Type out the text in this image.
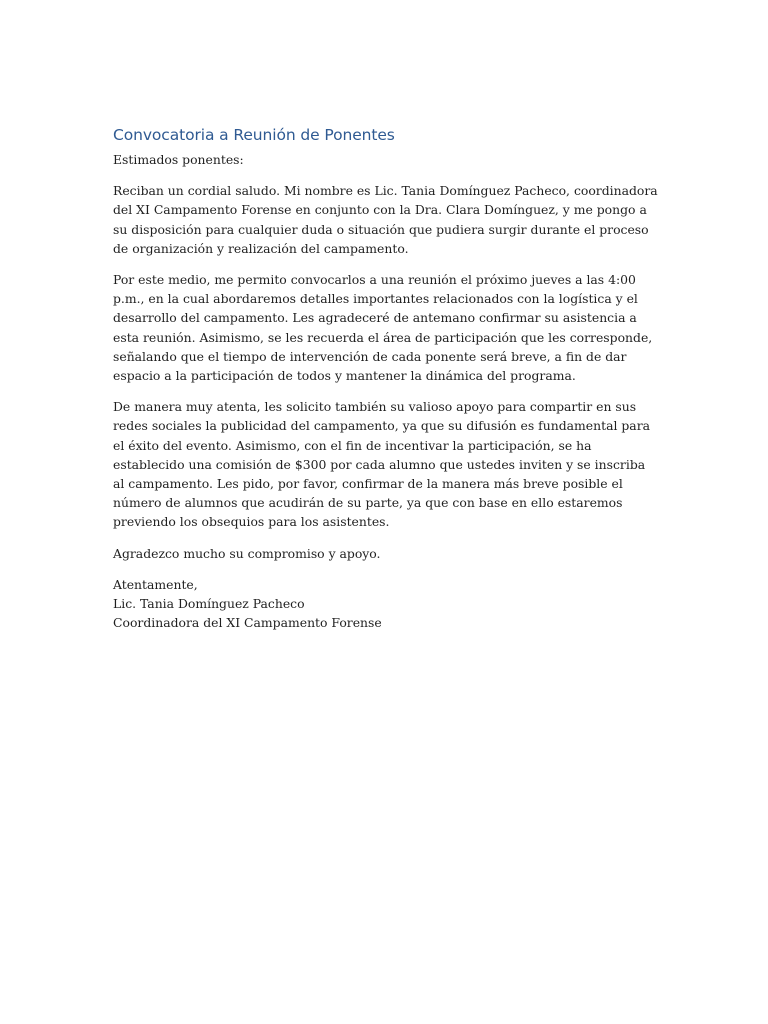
Convocatoria a Reunión de Ponentes

Estimados ponentes:

Reciban un cordial saludo. Mi nombre es Lic. Tania Domínguez Pacheco, coordinadora del XI Campamento Forense en conjunto con la Dra. Clara Domínguez, y me pongo a su disposición para cualquier duda o situación que pudiera surgir durante el proceso de organización y realización del campamento.

Por este medio, me permito convocarlos a una reunión el próximo jueves a las 4:00 p.m., en la cual abordaremos detalles importantes relacionados con la logística y el desarrollo del campamento. Les agradeceré de antemano confirmar su asistencia a esta reunión. Asimismo, se les recuerda el área de participación que les corresponde, señalando que el tiempo de intervención de cada ponente será breve, a fin de dar espacio a la participación de todos y mantener la dinámica del programa.

De manera muy atenta, les solicito también su valioso apoyo para compartir en sus redes sociales la publicidad del campamento, ya que su difusión es fundamental para el éxito del evento. Asimismo, con el fin de incentivar la participación, se ha establecido una comisión de $300 por cada alumno que ustedes inviten y se inscriba al campamento. Les pido, por favor, confirmar de la manera más breve posible el número de alumnos que acudirán de su parte, ya que con base en ello estaremos previendo los obsequios para los asistentes.

Agradezco mucho su compromiso y apoyo.

Atentamente,
Lic. Tania Domínguez Pacheco
Coordinadora del XI Campamento Forense
